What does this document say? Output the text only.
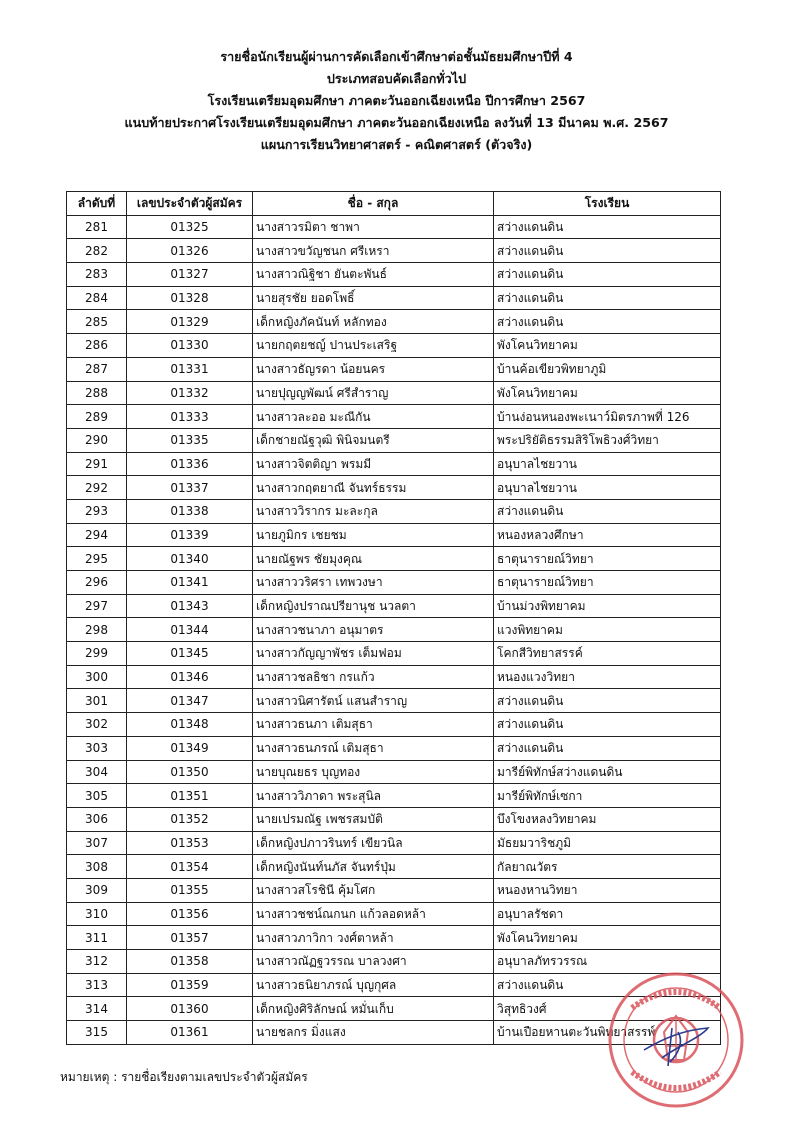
รายชื่อนักเรียนผู้ผ่านการคัดเลือกเข้าศึกษาต่อชั้นมัธยมศึกษาปีที่ 4
ประเภทสอบคัดเลือกทั่วไป
โรงเรียนเตรียมอุดมศึกษา ภาคตะวันออกเฉียงเหนือ ปีการศึกษา 2567
แนบท้ายประกาศโรงเรียนเตรียมอุดมศึกษา ภาคตะวันออกเฉียงเหนือ ลงวันที่ 13 มีนาคม พ.ศ. 2567
แผนการเรียนวิทยาศาสตร์ - คณิตศาสตร์ (ตัวจริง)
ลำดับที่	เลขประจำตัวผู้สมัคร	ชื่อ - สกุล	โรงเรียน
281	01325	นางสาวรมิตา ชาพา	สว่างแดนดิน
282	01326	นางสาวขวัญชนก ศรีเหรา	สว่างแดนดิน
283	01327	นางสาวณิฐิชา ยันตะพันธ์	สว่างแดนดิน
284	01328	นายสุรชัย ยอดโพธิ์	สว่างแดนดิน
285	01329	เด็กหญิงภัคนันท์ หลักทอง	สว่างแดนดิน
286	01330	นายกฤตยชญ์ ปานประเสริฐ	พังโคนวิทยาคม
287	01331	นางสาวธัญรดา น้อยนคร	บ้านค้อเขียวพิทยาภูมิ
288	01332	นายปุญญพัฒน์ ศรีสำราญ	พังโคนวิทยาคม
289	01333	นางสาวละออ มะณีกัน	บ้านง่อนหนองพะเนาว์มิตรภาพที่ 126
290	01335	เด็กชายณัฐวุฒิ พินิจมนตรี	พระปริยัติธรรมสิริโพธิวงศ์วิทยา
291	01336	นางสาวจิตติญา พรมมี	อนุบาลไชยวาน
292	01337	นางสาวกฤตยาณี จันทร์ธรรม	อนุบาลไชยวาน
293	01338	นางสาววิรากร มะละกุล	สว่างแดนดิน
294	01339	นายภูมิกร เชยชม	หนองหลวงศึกษา
295	01340	นายณัฐพร ชัยมุงคุณ	ธาตุนารายณ์วิทยา
296	01341	นางสาววริศรา เทพวงษา	ธาตุนารายณ์วิทยา
297	01343	เด็กหญิงปราณปรียานุช นวลตา	บ้านม่วงพิทยาคม
298	01344	นางสาวชนาภา อนุมาตร	แวงพิทยาคม
299	01345	นางสาวกัญญาพัชร เต็มฟอม	โคกสีวิทยาสรรค์
300	01346	นางสาวชลธิชา กรแก้ว	หนองแวงวิทยา
301	01347	นางสาวนิศารัตน์ แสนสำราญ	สว่างแดนดิน
302	01348	นางสาวธนภา เติมสุธา	สว่างแดนดิน
303	01349	นางสาวธนภรณ์ เติมสุธา	สว่างแดนดิน
304	01350	นายบุณยธร บุญทอง	มารีย์พิทักษ์สว่างแดนดิน
305	01351	นางสาววิภาดา พระสุนิล	มารีย์พิทักษ์เซกา
306	01352	นายเปรมณัฐ เพชรสมบัติ	บึงโขงหลงวิทยาคม
307	01353	เด็กหญิงปภาวรินทร์ เขียวนิล	มัธยมวาริชภูมิ
308	01354	เด็กหญิงนันท์นภัส จันทร์ปุ่ม	กัลยาณวัตร
309	01355	นางสาวสโรชินี คุ้มโศก	หนองหานวิทยา
310	01356	นางสาวชชน์ณกนก แก้วลอดหล้า	อนุบาลรัชดา
311	01357	นางสาวภาวิกา วงศ์ตาหล้า	พังโคนวิทยาคม
312	01358	นางสาวณัฏฐวรรณ บาลวงศา	อนุบาลภัทรวรรณ
313	01359	นางสาวธนิยาภรณ์ บุญกุศล	สว่างแดนดิน
314	01360	เด็กหญิงศิริลักษณ์ หมั่นเก็บ	วิสุทธิวงศ์
315	01361	นายชลกร มิ่งแสง	บ้านเปือยหานตะวันพิทยาสรรพ์
หมายเหตุ : รายชื่อเรียงตามเลขประจำตัวผู้สมัคร
